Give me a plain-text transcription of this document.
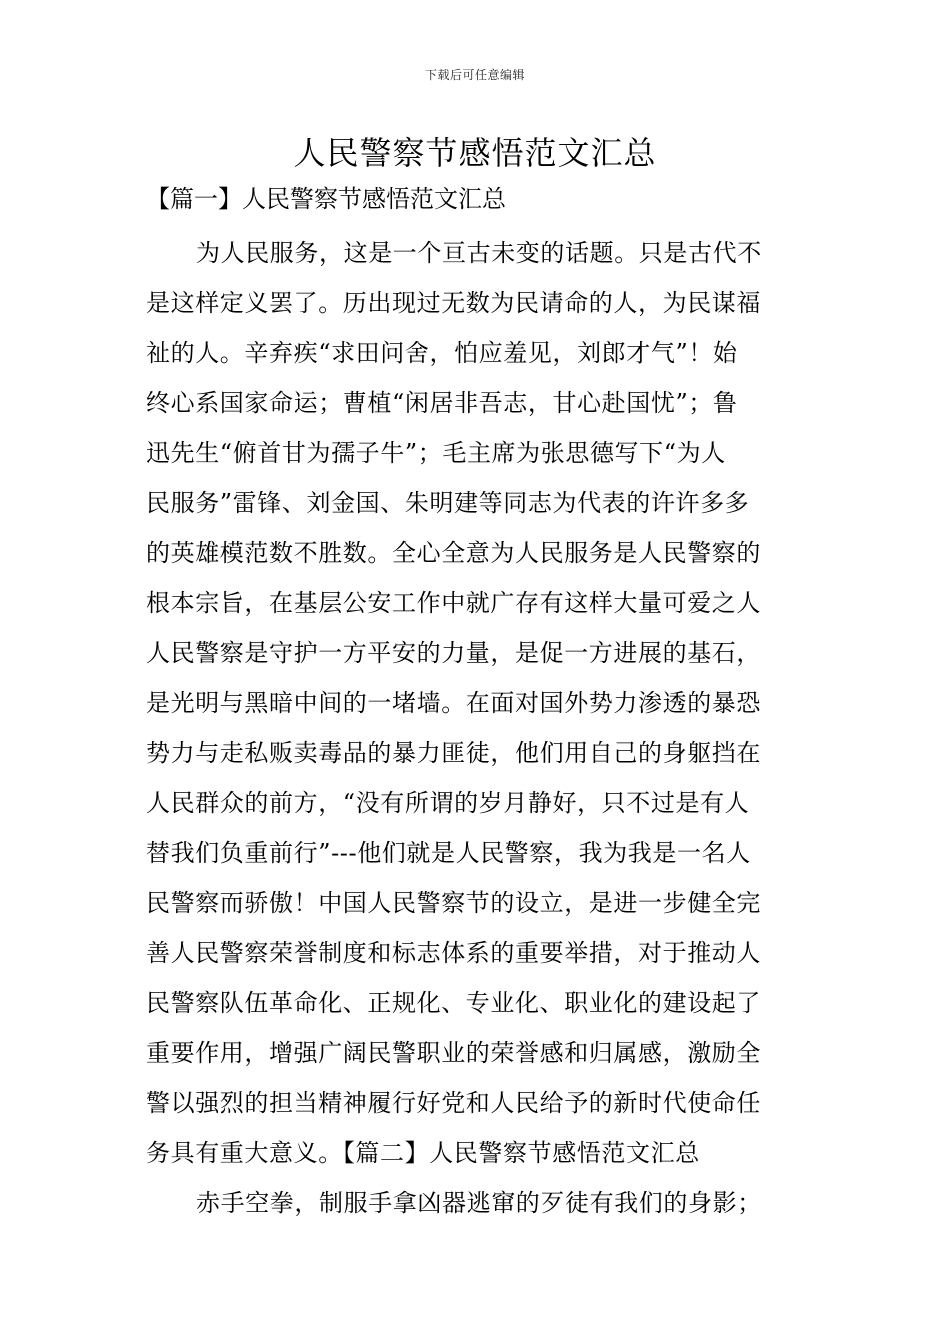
下载后可任意编辑
人民警察节感悟范文汇总
【篇一】人民警察节感悟范文汇总
为人民服务，这是一个亘古未变的话题。只是古代不
是这样定义罢了。历出现过无数为民请命的人，为民谋福
祉的人。辛弃疾“求田问舍，怕应羞见，刘郎才气”！始
终心系国家命运；曹植“闲居非吾志，甘心赴国忧”；鲁
迅先生“俯首甘为孺子牛”；毛主席为张思德写下“为人
民服务”雷锋、刘金国、朱明建等同志为代表的许许多多
的英雄模范数不胜数。全心全意为人民服务是人民警察的
根本宗旨，在基层公安工作中就广存有这样大量可爱之人
人民警察是守护一方平安的力量，是促一方进展的基石，
是光明与黑暗中间的一堵墙。在面对国外势力渗透的暴恐
势力与走私贩卖毒品的暴力匪徒，他们用自己的身躯挡在
人民群众的前方，“没有所谓的岁月静好，只不过是有人
替我们负重前行”---他们就是人民警察，我为我是一名人
民警察而骄傲！中国人民警察节的设立，是进一步健全完
善人民警察荣誉制度和标志体系的重要举措，对于推动人
民警察队伍革命化、正规化、专业化、职业化的建设起了
重要作用，增强广阔民警职业的荣誉感和归属感，激励全
警以强烈的担当精神履行好党和人民给予的新时代使命任
务具有重大意义。【篇二】人民警察节感悟范文汇总
赤手空拳，制服手拿凶器逃窜的歹徒有我们的身影；
